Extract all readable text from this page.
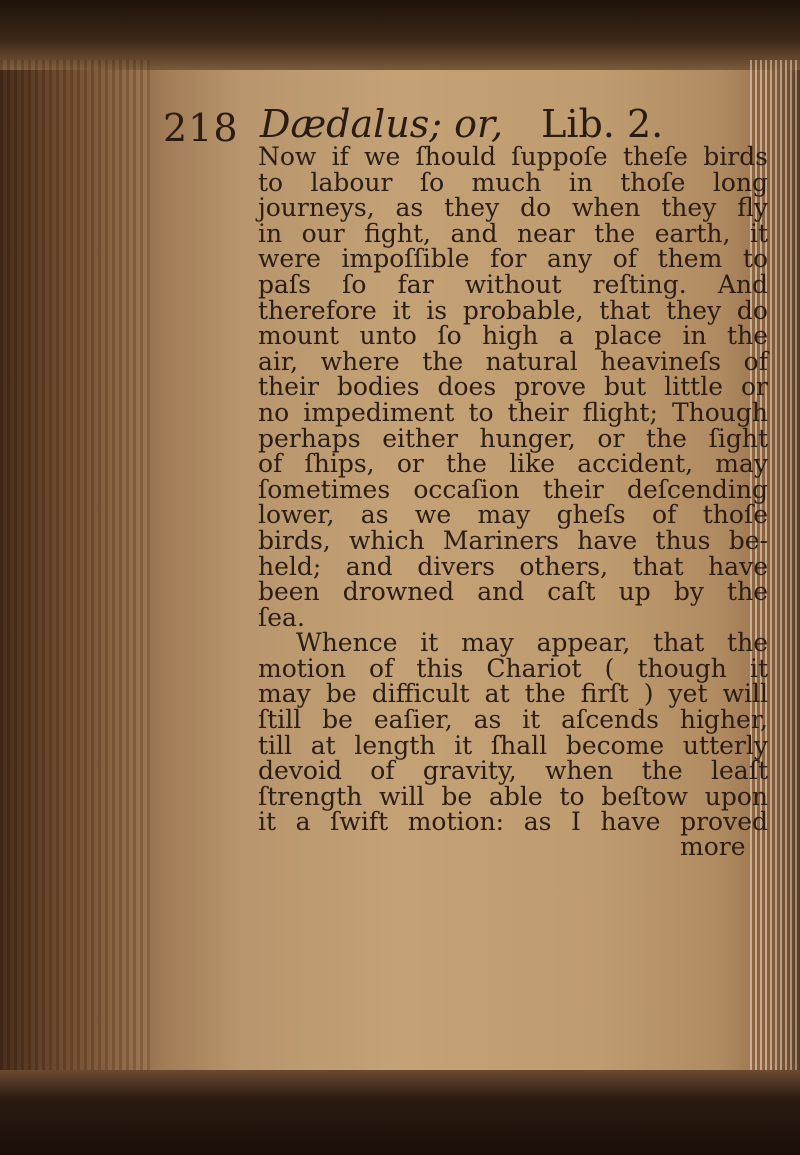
218 Dædalus; or, Lib. 2.
Now if we ſhould ſuppoſe theſe birds
to labour ſo much in thoſe long
journeys, as they do when they fly
in our fight, and near the earth, it
were impoſſible for any of them to
paſs ſo far without reſting. And
therefore it is probable, that they do
mount unto ſo high a place in the
air, where the natural heavineſs of
their bodies does prove but little or
no impediment to their flight; Though
perhaps either hunger, or the ſight
of ſhips, or the like accident, may
ſometimes occaſion their deſcending
lower, as we may gheſs of thoſe
birds, which Mariners have thus be-
held; and divers others, that have
been drowned and caſt up by the
ſea.
Whence it may appear, that the
motion of this Chariot ( though it
may be difficult at the firſt ) yet will
ſtill be eaſier, as it aſcends higher,
till at length it ſhall become utterly
devoid of gravity, when the leaſt
ſtrength will be able to beſtow upon
it a ſwift motion: as I have proved
more
